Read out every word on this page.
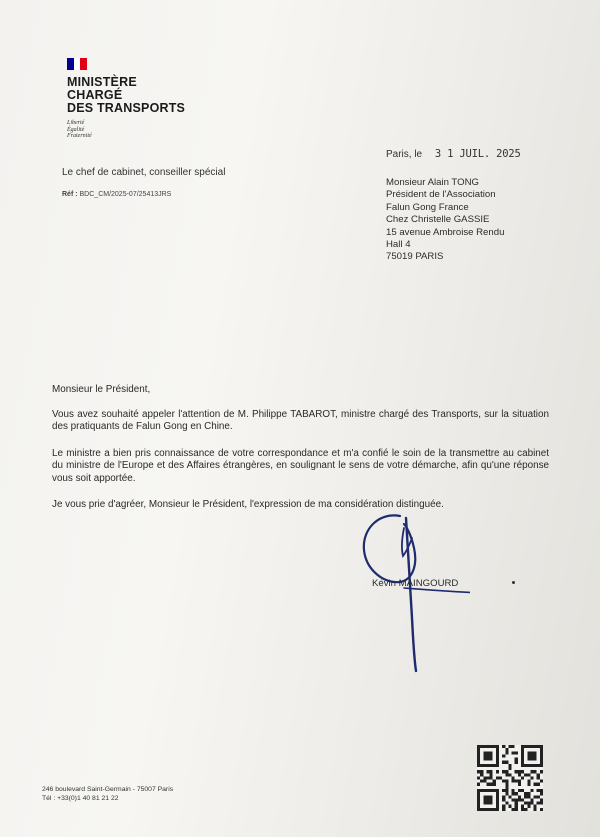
MINISTÈRE
CHARGÉ
DES TRANSPORTS
Liberté
Égalité
Fraternité
Le chef de cabinet, conseiller spécial
Réf : BDC_CM/2025-07/25413JRS
Paris, le 3 1 JUIL. 2025
Monsieur Alain TONG
Président de l'Association
Falun Gong France
Chez Christelle GASSIE
15 avenue Ambroise Rendu
Hall 4
75019 PARIS

Monsieur le Président,

Vous avez souhaité appeler l'attention de M. Philippe TABAROT, ministre chargé des Transports, sur la situation des pratiquants de Falun Gong en Chine.

Le ministre a bien pris connaissance de votre correspondance et m'a confié le soin de la transmettre au cabinet du ministre de l'Europe et des Affaires étrangères, en soulignant le sens de votre démarche, afin qu'une réponse vous soit apportée.

Je vous prie d'agréer, Monsieur le Président, l'expression de ma considération distinguée.

Kévin MAINGOURD
246 boulevard Saint-Germain - 75007 Paris
Tél : +33(0)1 40 81 21 22
